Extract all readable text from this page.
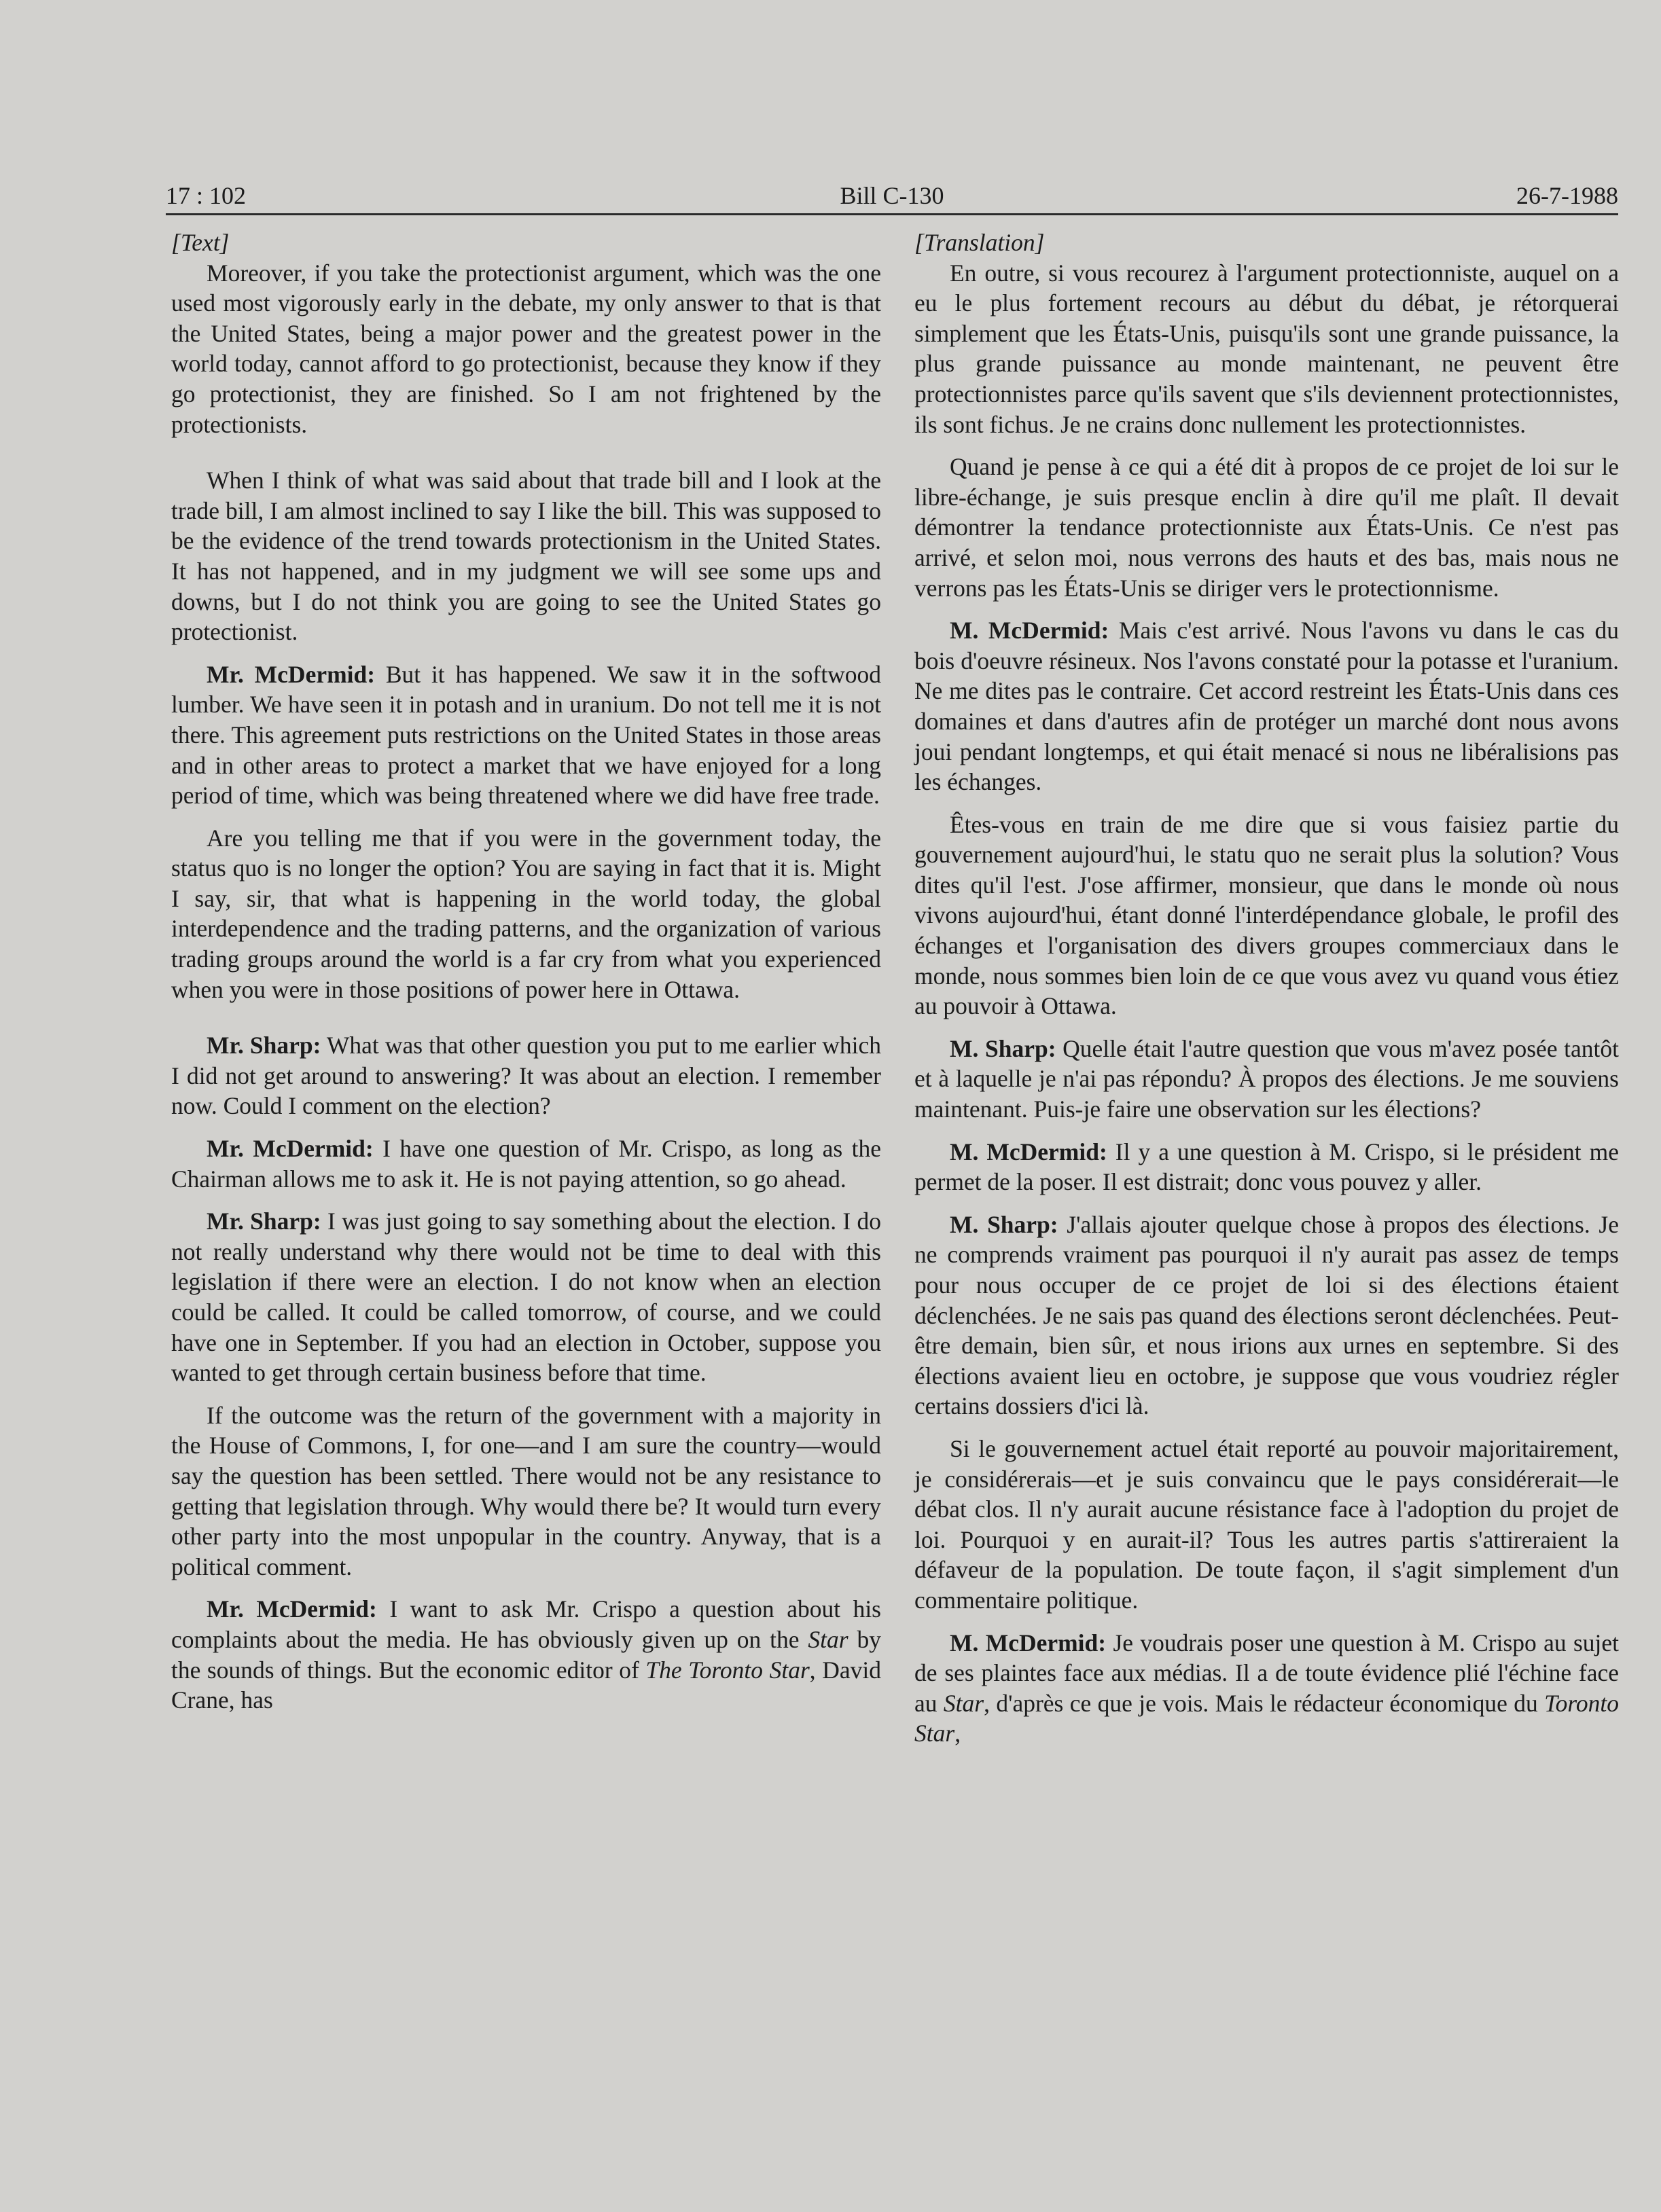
17 : 102	Bill C-130	26-7-1988

[Text]

Moreover, if you take the protectionist argument, which was the one used most vigorously early in the debate, my only answer to that is that the United States, being a major power and the greatest power in the world today, cannot afford to go protectionist, because they know if they go protectionist, they are finished. So I am not frightened by the protectionists.

When I think of what was said about that trade bill and I look at the trade bill, I am almost inclined to say I like the bill. This was supposed to be the evidence of the trend towards protectionism in the United States. It has not happened, and in my judgment we will see some ups and downs, but I do not think you are going to see the United States go protectionist.

Mr. McDermid: But it has happened. We saw it in the softwood lumber. We have seen it in potash and in uranium. Do not tell me it is not there. This agreement puts restrictions on the United States in those areas and in other areas to protect a market that we have enjoyed for a long period of time, which was being threatened where we did have free trade.

Are you telling me that if you were in the government today, the status quo is no longer the option? You are saying in fact that it is. Might I say, sir, that what is happening in the world today, the global interdependence and the trading patterns, and the organization of various trading groups around the world is a far cry from what you experienced when you were in those positions of power here in Ottawa.

Mr. Sharp: What was that other question you put to me earlier which I did not get around to answering? It was about an election. I remember now. Could I comment on the election?

Mr. McDermid: I have one question of Mr. Crispo, as long as the Chairman allows me to ask it. He is not paying attention, so go ahead.

Mr. Sharp: I was just going to say something about the election. I do not really understand why there would not be time to deal with this legislation if there were an election. I do not know when an election could be called. It could be called tomorrow, of course, and we could have one in September. If you had an election in October, suppose you wanted to get through certain business before that time.

If the outcome was the return of the government with a majority in the House of Commons, I, for one—and I am sure the country—would say the question has been settled. There would not be any resistance to getting that legislation through. Why would there be? It would turn every other party into the most unpopular in the country. Anyway, that is a political comment.

Mr. McDermid: I want to ask Mr. Crispo a question about his complaints about the media. He has obviously given up on the Star by the sounds of things. But the economic editor of The Toronto Star, David Crane, has

[Translation]

En outre, si vous recourez à l'argument protectionniste, auquel on a eu le plus fortement recours au début du débat, je rétorquerai simplement que les États-Unis, puisqu'ils sont une grande puissance, la plus grande puissance au monde maintenant, ne peuvent être protectionnistes parce qu'ils savent que s'ils deviennent protectionnistes, ils sont fichus. Je ne crains donc nullement les protectionnistes.

Quand je pense à ce qui a été dit à propos de ce projet de loi sur le libre-échange, je suis presque enclin à dire qu'il me plaît. Il devait démontrer la tendance protectionniste aux États-Unis. Ce n'est pas arrivé, et selon moi, nous verrons des hauts et des bas, mais nous ne verrons pas les États-Unis se diriger vers le protectionnisme.

M. McDermid: Mais c'est arrivé. Nous l'avons vu dans le cas du bois d'oeuvre résineux. Nos l'avons constaté pour la potasse et l'uranium. Ne me dites pas le contraire. Cet accord restreint les États-Unis dans ces domaines et dans d'autres afin de protéger un marché dont nous avons joui pendant longtemps, et qui était menacé si nous ne libéralisions pas les échanges.

Êtes-vous en train de me dire que si vous faisiez partie du gouvernement aujourd'hui, le statu quo ne serait plus la solution? Vous dites qu'il l'est. J'ose affirmer, monsieur, que dans le monde où nous vivons aujourd'hui, étant donné l'interdépendance globale, le profil des échanges et l'organisation des divers groupes commerciaux dans le monde, nous sommes bien loin de ce que vous avez vu quand vous étiez au pouvoir à Ottawa.

M. Sharp: Quelle était l'autre question que vous m'avez posée tantôt et à laquelle je n'ai pas répondu? À propos des élections. Je me souviens maintenant. Puis-je faire une observation sur les élections?

M. McDermid: Il y a une question à M. Crispo, si le président me permet de la poser. Il est distrait; donc vous pouvez y aller.

M. Sharp: J'allais ajouter quelque chose à propos des élections. Je ne comprends vraiment pas pourquoi il n'y aurait pas assez de temps pour nous occuper de ce projet de loi si des élections étaient déclenchées. Je ne sais pas quand des élections seront déclenchées. Peut-être demain, bien sûr, et nous irions aux urnes en septembre. Si des élections avaient lieu en octobre, je suppose que vous voudriez régler certains dossiers d'ici là.

Si le gouvernement actuel était reporté au pouvoir majoritairement, je considérerais—et je suis convaincu que le pays considérerait—le débat clos. Il n'y aurait aucune résistance face à l'adoption du projet de loi. Pourquoi y en aurait-il? Tous les autres partis s'attireraient la défaveur de la population. De toute façon, il s'agit simplement d'un commentaire politique.

M. McDermid: Je voudrais poser une question à M. Crispo au sujet de ses plaintes face aux médias. Il a de toute évidence plié l'échine face au Star, d'après ce que je vois. Mais le rédacteur économique du Toronto Star,
